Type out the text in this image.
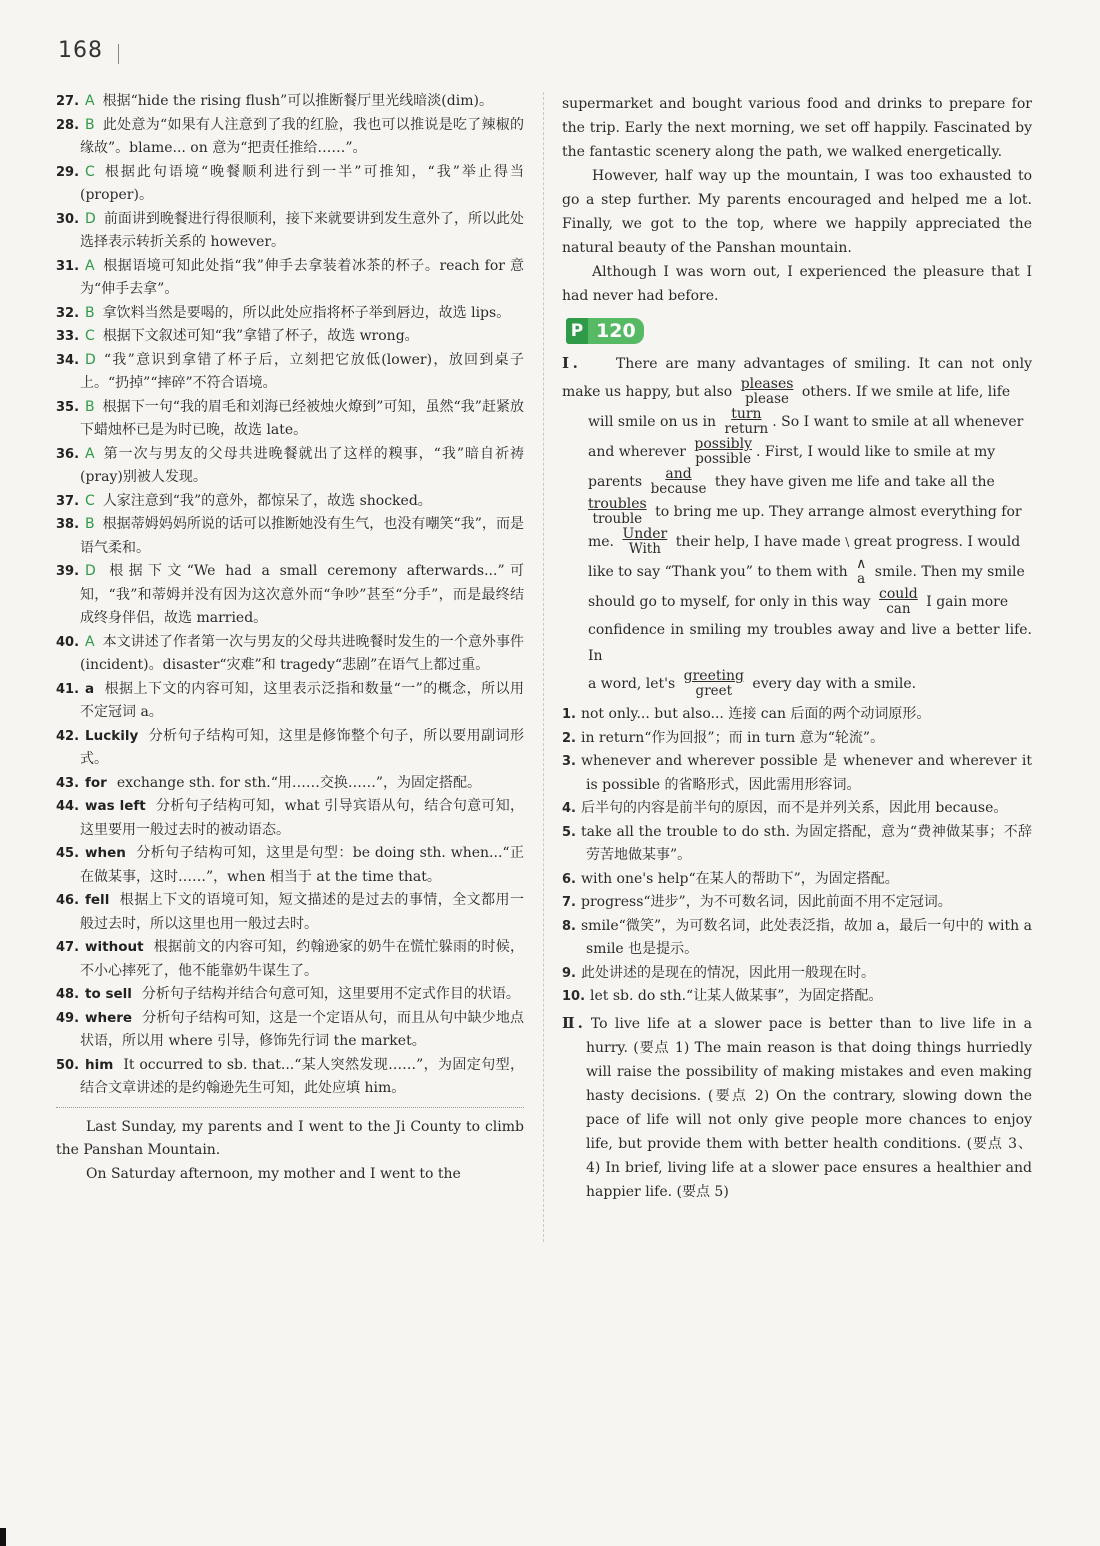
168

27. A 根据“hide the rising flush”可以推断餐厅里光线暗淡(dim)。

28. B 此处意为“如果有人注意到了我的红脸，我也可以推说是吃了辣椒的缘故”。blame... on 意为“把责任推给……”。

29. C 根据此句语境“晚餐顺利进行到一半”可推知，“我”举止得当(proper)。

30. D 前面讲到晚餐进行得很顺利，接下来就要讲到发生意外了，所以此处选择表示转折关系的 however。

31. A 根据语境可知此处指“我”伸手去拿装着冰茶的杯子。reach for 意为“伸手去拿”。

32. B 拿饮料当然是要喝的，所以此处应指将杯子举到唇边，故选 lips。

33. C 根据下文叙述可知“我”拿错了杯子，故选 wrong。

34. D “我”意识到拿错了杯子后，立刻把它放低(lower)，放回到桌子上。“扔掉”“摔碎”不符合语境。

35. B 根据下一句“我的眉毛和刘海已经被烛火燎到”可知，虽然“我”赶紧放下蜡烛杯已是为时已晚，故选 late。

36. A 第一次与男友的父母共进晚餐就出了这样的糗事，“我”暗自祈祷(pray)别被人发现。

37. C 人家注意到“我”的意外，都惊呆了，故选 shocked。

38. B 根据蒂姆妈妈所说的话可以推断她没有生气，也没有嘲笑“我”，而是语气柔和。

39. D 根据下文“We had a small ceremony afterwards...”可知，“我”和蒂姆并没有因为这次意外而“争吵”甚至“分手”，而是最终结成终身伴侣，故选 married。

40. A 本文讲述了作者第一次与男友的父母共进晚餐时发生的一个意外事件(incident)。disaster“灾难”和 tragedy“悲剧”在语气上都过重。

41. a 根据上下文的内容可知，这里表示泛指和数量“一”的概念，所以用不定冠词 a。

42. Luckily 分析句子结构可知，这里是修饰整个句子，所以要用副词形式。

43. for exchange sth. for sth.“用……交换……”，为固定搭配。

44. was left 分析句子结构可知，what 引导宾语从句，结合句意可知，这里要用一般过去时的被动语态。

45. when 分析句子结构可知，这里是句型：be doing sth. when...“正在做某事，这时……”，when 相当于 at the time that。

46. fell 根据上下文的语境可知，短文描述的是过去的事情，全文都用一般过去时，所以这里也用一般过去时。

47. without 根据前文的内容可知，约翰逊家的奶牛在慌忙躲雨的时候，不小心摔死了，他不能靠奶牛谋生了。

48. to sell 分析句子结构并结合句意可知，这里要用不定式作目的状语。

49. where 分析句子结构可知，这是一个定语从句，而且从句中缺少地点状语，所以用 where 引导，修饰先行词 the market。

50. him It occurred to sb. that...“某人突然发现……”，为固定句型，结合文章讲述的是约翰逊先生可知，此处应填 him。

Last Sunday, my parents and I went to the Ji County to climb the Panshan Mountain.

On Saturday afternoon, my mother and I went to the

supermarket and bought various food and drinks to prepare for the trip. Early the next morning, we set off happily. Fascinated by the fantastic scenery along the path, we walked energetically.

However, half way up the mountain, I was too exhausted to go a step further. My parents encouraged and helped me a lot. Finally, we got to the top, where we happily appreciated the natural beauty of the Panshan mountain.

Although I was worn out, I experienced the pleasure that I had never had before.

P 120
Ⅰ.	There are many advantages of smiling. It can not only make us happy, but also pleases
please others. If we smile at life, life
will smile on us in	turn
return . So I want to smile at all whenever
and wherever possibly
possible . First, I would like to smile at my
parents	and
because they have given me life and take all the
troubles
trouble to bring me up. They arrange almost everything for
me. Under
With	their help, I have made \ great progress. I would
like to say “Thank you” to them with ∧
a smile. Then my smile
should go to myself, for only in this way could
can	I gain more
confidence in smiling my troubles away and live a better life. In
a word, let's greeting
greet	every day with a smile.

1. not only... but also... 连接 can 后面的两个动词原形。

2. in return“作为回报”；而 in turn 意为“轮流”。

3. whenever and wherever possible 是 whenever and wherever it is possible 的省略形式，因此需用形容词。

4. 后半句的内容是前半句的原因，而不是并列关系，因此用 because。

5. take all the trouble to do sth. 为固定搭配，意为“费神做某事；不辞劳苦地做某事”。

6. with one's help“在某人的帮助下”，为固定搭配。

7. progress“进步”，为不可数名词，因此前面不用不定冠词。

8. smile“微笑”，为可数名词，此处表泛指，故加 a，最后一句中的 with a smile 也是提示。

9. 此处讲述的是现在的情况，因此用一般现在时。

10. let sb. do sth.“让某人做某事”，为固定搭配。

Ⅱ. To live life at a slower pace is better than to live life in a hurry. (要点 1) The main reason is that doing things hurriedly will raise the possibility of making mistakes and even making hasty decisions. (要点 2) On the contrary, slowing down the pace of life will not only give people more chances to enjoy life, but provide them with better health conditions. (要点 3、4) In brief, living life at a slower pace ensures a healthier and happier life. (要点 5)
